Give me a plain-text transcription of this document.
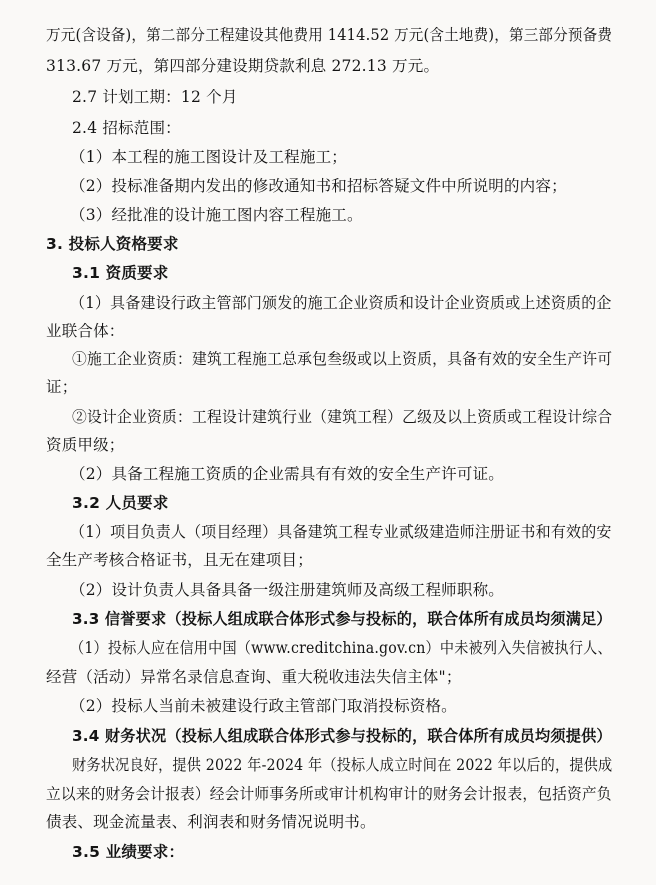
万元(含设备)，第二部分工程建设其他费用 1414.52 万元(含土地费)，第三部分预备费
313.67 万元，第四部分建设期贷款利息 272.13 万元。
2.7 计划工期：12 个月
2.4 招标范围：
（1）本工程的施工图设计及工程施工；
（2）投标准备期内发出的修改通知书和招标答疑文件中所说明的内容；
（3）经批准的设计施工图内容工程施工。
3. 投标人资格要求
3.1 资质要求
（1）具备建设行政主管部门颁发的施工企业资质和设计企业资质或上述资质的企
业联合体：
①施工企业资质：建筑工程施工总承包叁级或以上资质，具备有效的安全生产许可
证；
②设计企业资质：工程设计建筑行业（建筑工程）乙级及以上资质或工程设计综合
资质甲级；
（2）具备工程施工资质的企业需具有有效的安全生产许可证。
3.2 人员要求
（1）项目负责人（项目经理）具备建筑工程专业贰级建造师注册证书和有效的安
全生产考核合格证书，且无在建项目；
（2）设计负责人具备具备一级注册建筑师及高级工程师职称。
3.3 信誉要求（投标人组成联合体形式参与投标的，联合体所有成员均须满足）
（1）投标人应在信用中国（www.creditchina.gov.cn）中未被列入失信被执行人、
经营（活动）异常名录信息查询、重大税收违法失信主体"；
（2）投标人当前未被建设行政主管部门取消投标资格。
3.4 财务状况（投标人组成联合体形式参与投标的，联合体所有成员均须提供）
财务状况良好，提供 2022 年-2024 年（投标人成立时间在 2022 年以后的，提供成
立以来的财务会计报表）经会计师事务所或审计机构审计的财务会计报表，包括资产负
债表、现金流量表、利润表和财务情况说明书。
3.5 业绩要求：
